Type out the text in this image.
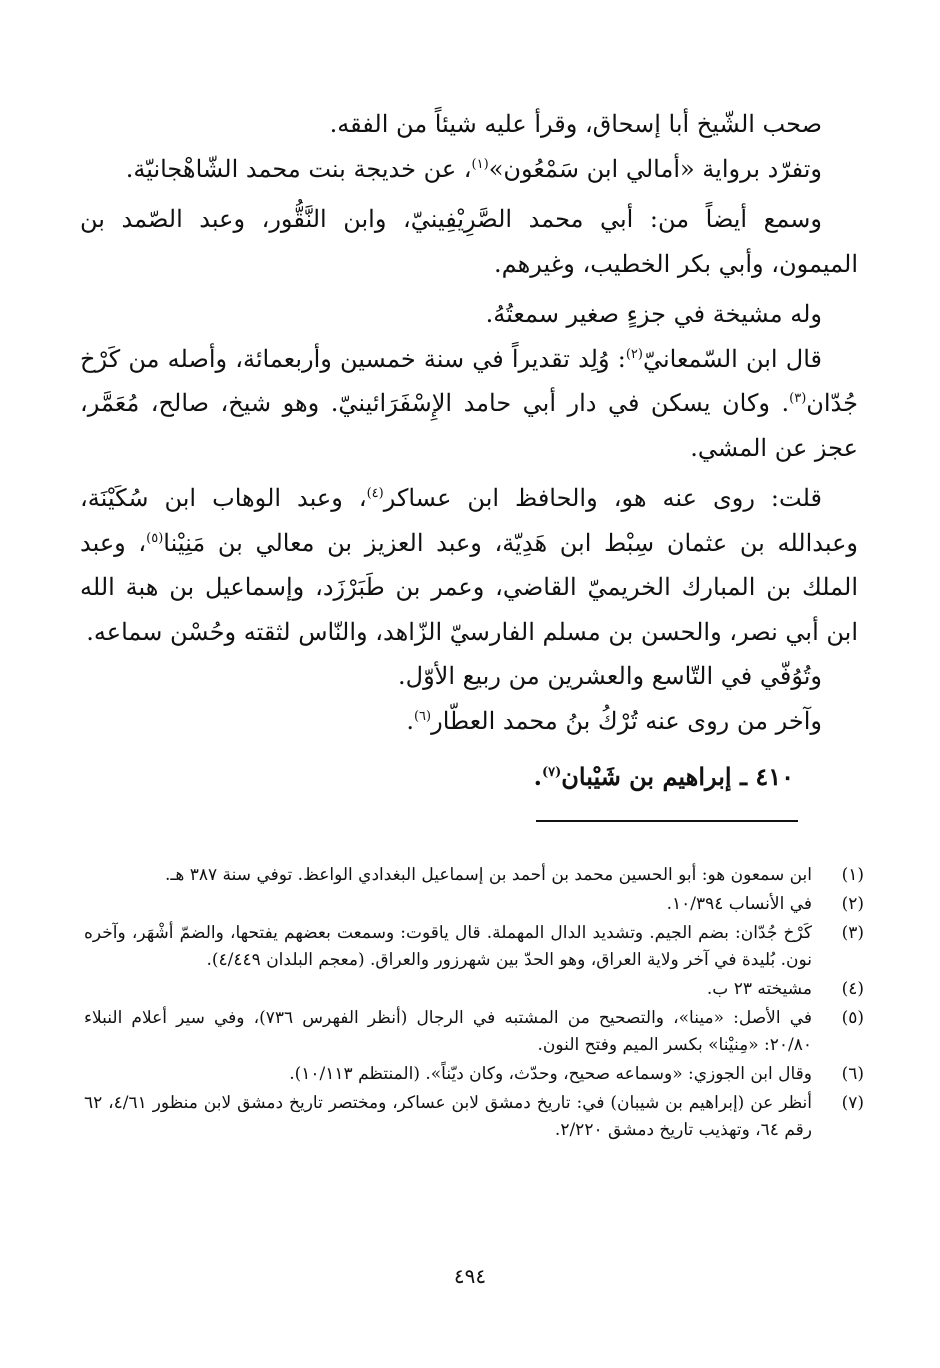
صحب الشّيخ أبا إسحاق، وقرأ عليه شيئاً من الفقه.

وتفرّد برواية «أمالي ابن سَمْعُون»$^{(١)}$، عن خديجة بنت محمد الشّاهْجانيّة.

وسمع أيضاً من: أبي محمد الصَّرِيْفِينيّ، وابن النَّقُّور، وعبد الصّمد بن الميمون، وأبي بكر الخطيب، وغيرهم.

وله مشيخة في جزءٍ صغير سمعتُهُ.

قال ابن السّمعانيّ$^{(٢)}$: وُلِد تقديراً في سنة خمسين وأربعمائة، وأصله من كَرْخ جُدّان$^{(٣)}$. وكان يسكن في دار أبي حامد الإِسْفَرَائينيّ. وهو شيخ، صالح، مُعَمَّر، عجز عن المشي.

قلت: روى عنه هو، والحافظ ابن عساكر$^{(٤)}$، وعبد الوهاب ابن سُكَيْنَة، وعبدالله بن عثمان سِبْط ابن هَدِيّة، وعبد العزيز بن معالي بن مَنِيْنا$^{(٥)}$، وعبد الملك بن المبارك الخريميّ القاضي، وعمر بن طَبَرْزَد، وإسماعيل بن هبة الله ابن أبي نصر، والحسن بن مسلم الفارسيّ الزّاهد، والنّاس لثقته وحُسْن سماعه.

وتُوُفّي في التّاسع والعشرين من ربيع الأوّل.

وآخر من روى عنه تُرْكُ بنُ محمد العطّار$^{(٦)}$.

٤١٠ ـ إبراهيم بن شَيْبان$^{(٧)}$.

(١)
ابن سمعون هو: أبو الحسين محمد بن أحمد بن إسماعيل البغدادي الواعظ. توفي سنة ٣٨٧ هـ.
(٢)
في الأنساب ١٠/٣٩٤.
(٣)
كَرْخ جُدّان: بضم الجيم. وتشديد الدال المهملة. قال ياقوت: وسمعت بعضهم يفتحها، والضمّ أشْهَر، وآخره نون. بُليدة في آخر ولاية العراق، وهو الحدّ بين شهرزور والعراق. (معجم البلدان ٤/٤٤٩).
(٤)
مشيخته ٢٣ ب.
(٥)
في الأصل: «مينا»، والتصحيح من المشتبه في الرجال (أنظر الفهرس ٧٣٦)، وفي سير أعلام النبلاء ٢٠/٨٠: «مِنيْنا» بكسر الميم وفتح النون.
(٦)
وقال ابن الجوزي: «وسماعه صحيح، وحدّث، وكان ديّناً». (المنتظم ١٠/١١٣).
(٧)
أنظر عن (إبراهيم بن شيبان) في: تاريخ دمشق لابن عساكر، ومختصر تاريخ دمشق لابن منظور ٤/٦١، ٦٢ رقم ٦٤، وتهذيب تاريخ دمشق ٢/٢٢٠.
٤٩٤
